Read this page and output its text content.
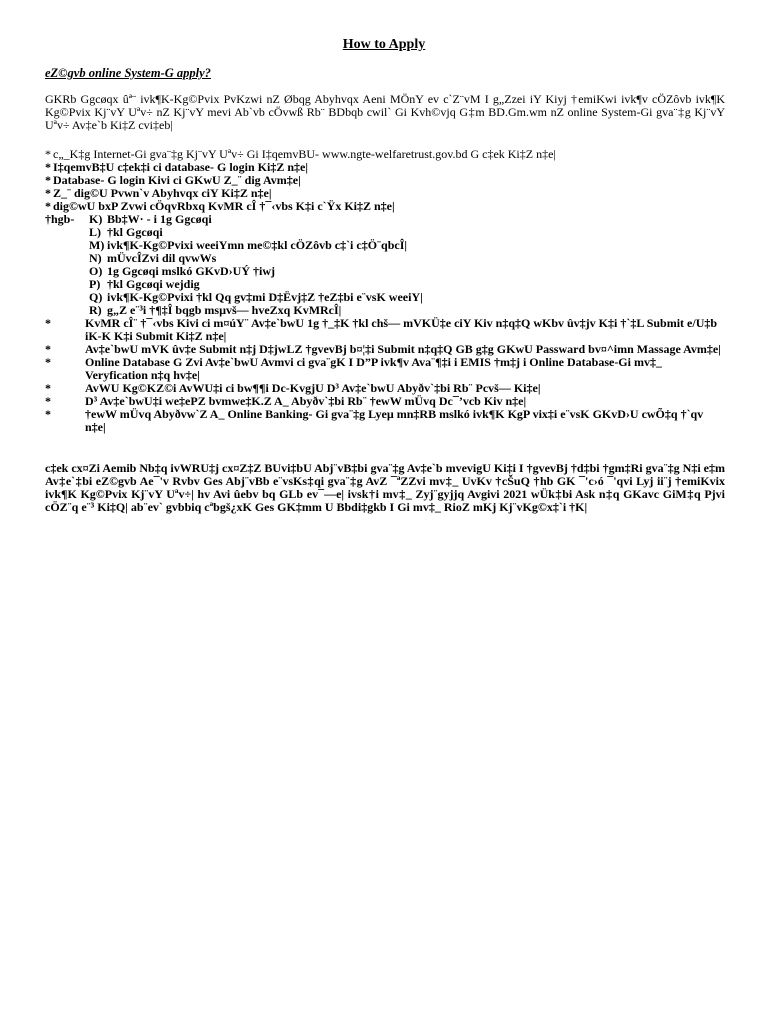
How to Apply
eZ©gvb online System-G apply?
GKRb Ggcøqx ûª¨ ivk¶K-Kg©Pvix PvKzwi nZ Øbqg Abyhvqx Aeni MÖnY ev c`Z¨vM I g„Zzei iY Kiyj †emiKwi ivk¶v cÖZôvb ivk¶K Kg©Pvix Kj¨vY Uªv÷ nZ Kj¨vY mevi Ab`vb cÖvwß Rb¨ BDbqb cwil` Gi Kvh©vjq G‡m BD.Gm.wm nZ online System-Gi gva¨‡g Kj¨vY Uªv÷ Av‡e`b Ki‡Z cvi‡eb|
* c„_K‡g Internet-Gi gva¨‡g Kj¨vY Uªv÷ Gi I‡qemvBU- www.ngte-welfaretrust.gov.bd G c‡ek Ki‡Z n‡e|
* I‡qemvB‡U c‡ek‡i ci database- G login Ki‡Z n‡e|
* Database- G login Kivi ci GKwU Z_¨ dig Avm‡e|
* Z_¨ dig©U Pvwn`v Abyhvqx ciY Ki‡Z n‡e|
* dig©wU bxP Zvwi cÖqvRbxq KvMR cÎ †¯‹vbs K‡i c`Ÿx Ki‡Z n‡e|
†hgb- K) Bb‡W· - i 1g Ggcøqi
L) †kl Ggcøqi
M) ivk¶K-Kg©Pvixi weeiYmn me©‡kl cÖZôvb c‡`i c‡Ö¨qbcÎ|
N) mÜvcÎZvi dil qvwWs
O) 1g Ggcøqi mslkó GKvD›UÝ †iwj
P) †kl Ggcøqi wejdig
Q) ivk¶K-Kg©Pvixi †kl Qq gv‡mi D‡Ëvj‡Z †eZ‡bi e¨vsK weeiY|
R) g„Z e¨³i †¶‡Î bqgb msµvš— hveZxq KvMRcÎ|
*	KvMR cÎ¨ †¯‹vbs Kivi ci m¤úY¨ Av‡e`bwU 1g †_‡K †kl chš— mVKÜ‡e ciY Kiv n‡q‡Q wKbv ûv‡jv K‡i †`‡L Submit e/U‡b iK-K K‡i Submit Ki‡Z n‡e|
*	Av‡e`bwU mVK ûv‡e Submit n‡j D‡jwLZ †gvevBj b¤¦‡i Submit n‡q‡Q GB g‡g GKwU Passward bv¤^imn Massage Avm‡e|
*	Online Database G Zvi Av‡e`bwU Avmvi ci gva¨gK I D”P ivk¶v Ava¨¶‡i i EMIS †m‡j i Online Database-Gi mv‡_ Veryfication n‡q hv‡e|
*	AvWU Kg©KZ©i AvWU‡i ci bw¶¶i Dc-KvgjU D³ Av‡e`bwU Abyðv`‡bi Rb¨ Pcvš— Ki‡e|
*	D³ Av‡e`bwU‡i we‡ePZ bvmwe‡K.Z A_ Abyðv`‡bi Rb¨ †ewW mÜvq Dc¯’vcb Kiv n‡e|
*	†ewW mÜvq Abyðvw`Z A_ Online Banking- Gi gva¨‡g Lyeµ mn‡RB mslkó ivk¶K KgP vix‡i e¨vsK GKvD›U cwÕ‡q †`qv n‡e|
c‡ek cx¤Zi Aemib Nb‡q ivWRU‡j cx¤Z‡Z BUvi‡bU Abj¨vB‡bi gva¨‡g Av‡e`b mvevigU Ki‡i I †gvevBj †d‡bi †gm‡Ri gva¨‡g N‡i e‡m Av‡e`‡bi eZ©gvb Ae¯'v Rvbv Ges Abj¨vBb e¨vsKs‡qi gva¨‡g AvZ ¯ªZZvi mv‡_ UvKv †cŠuQ †hb GK ¯'c›ó ¯'qvi Lyj ii¨j †emiKvix ivk¶K Kg©Pvix Kj¨vY Uªv÷| hv Avi ûebv bq GLb ev¯—e| ivsk†i mv‡_ Zyj¨gyjjq Avgivi 2021 wÜk‡bi Ask n‡q GKavc GiM‡q Pjvi cÖZ¨q e¨³ Ki‡Q| ab¨ev` gvbbiq cªbgš¿xK Ges GK‡mm U Bbdi‡gkb I Gi mv‡_ RioZ mKj Kj¨vKg©x‡`i †K|
